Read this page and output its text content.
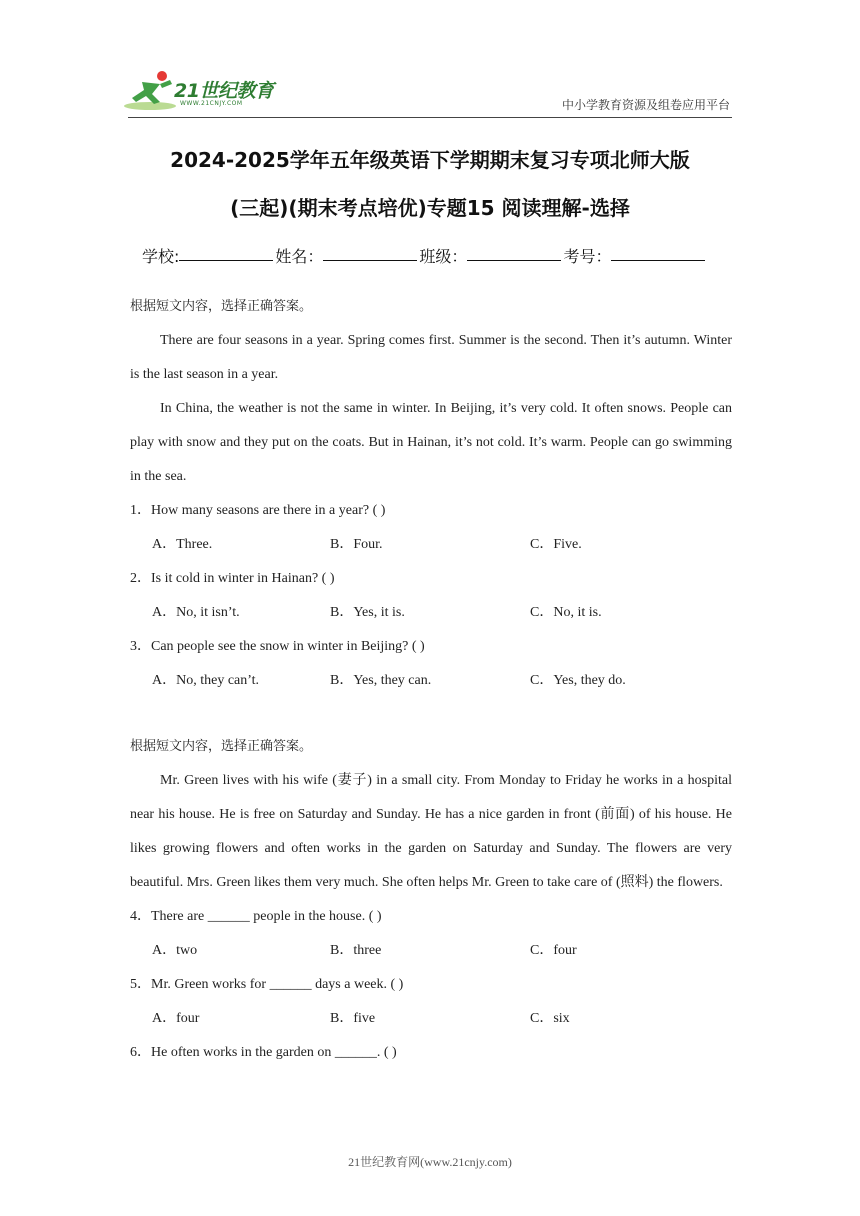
21世纪教育
WWW.21CNJY.COM	中小学教育资源及组卷应用平台
2024-2025学年五年级英语下学期期末复习专项北师大版
(三起)(期末考点培优)专题15 阅读理解-选择
学校:	姓名：	班级：	考号：
根据短文内容，选择正确答案。
There are four seasons in a year. Spring comes first. Summer is the second. Then it’s autumn. Winter is the last season in a year.
In China, the weather is not the same in winter. In Beijing, it’s very cold. It often snows. People can play with snow and they put on the coats. But in Hainan, it’s not cold. It’s warm. People can go swimming in the sea.
1．How many seasons are there in a year? ( )
A．Three.	B．Four.	C．Five.
2．Is it cold in winter in Hainan? ( )
A．No, it isn’t.	B．Yes, it is.	C．No, it is.
3．Can people see the snow in winter in Beijing? ( )
A．No, they can’t.	B．Yes, they can.	C．Yes, they do.
根据短文内容，选择正确答案。
Mr. Green lives with his wife (妻子) in a small city. From Monday to Friday he works in a hospital near his house. He is free on Saturday and Sunday. He has a nice garden in front (前面) of his house. He likes growing flowers and often works in the garden on Saturday and Sunday. The flowers are very beautiful. Mrs. Green likes them very much. She often helps Mr. Green to take care of (照料) the flowers.
4．There are ______ people in the house. ( )
A．two	B．three	C．four
5．Mr. Green works for ______ days a week. ( )
A．four	B．five	C．six
6．He often works in the garden on ______. ( )
21世纪教育网(www.21cnjy.com)
